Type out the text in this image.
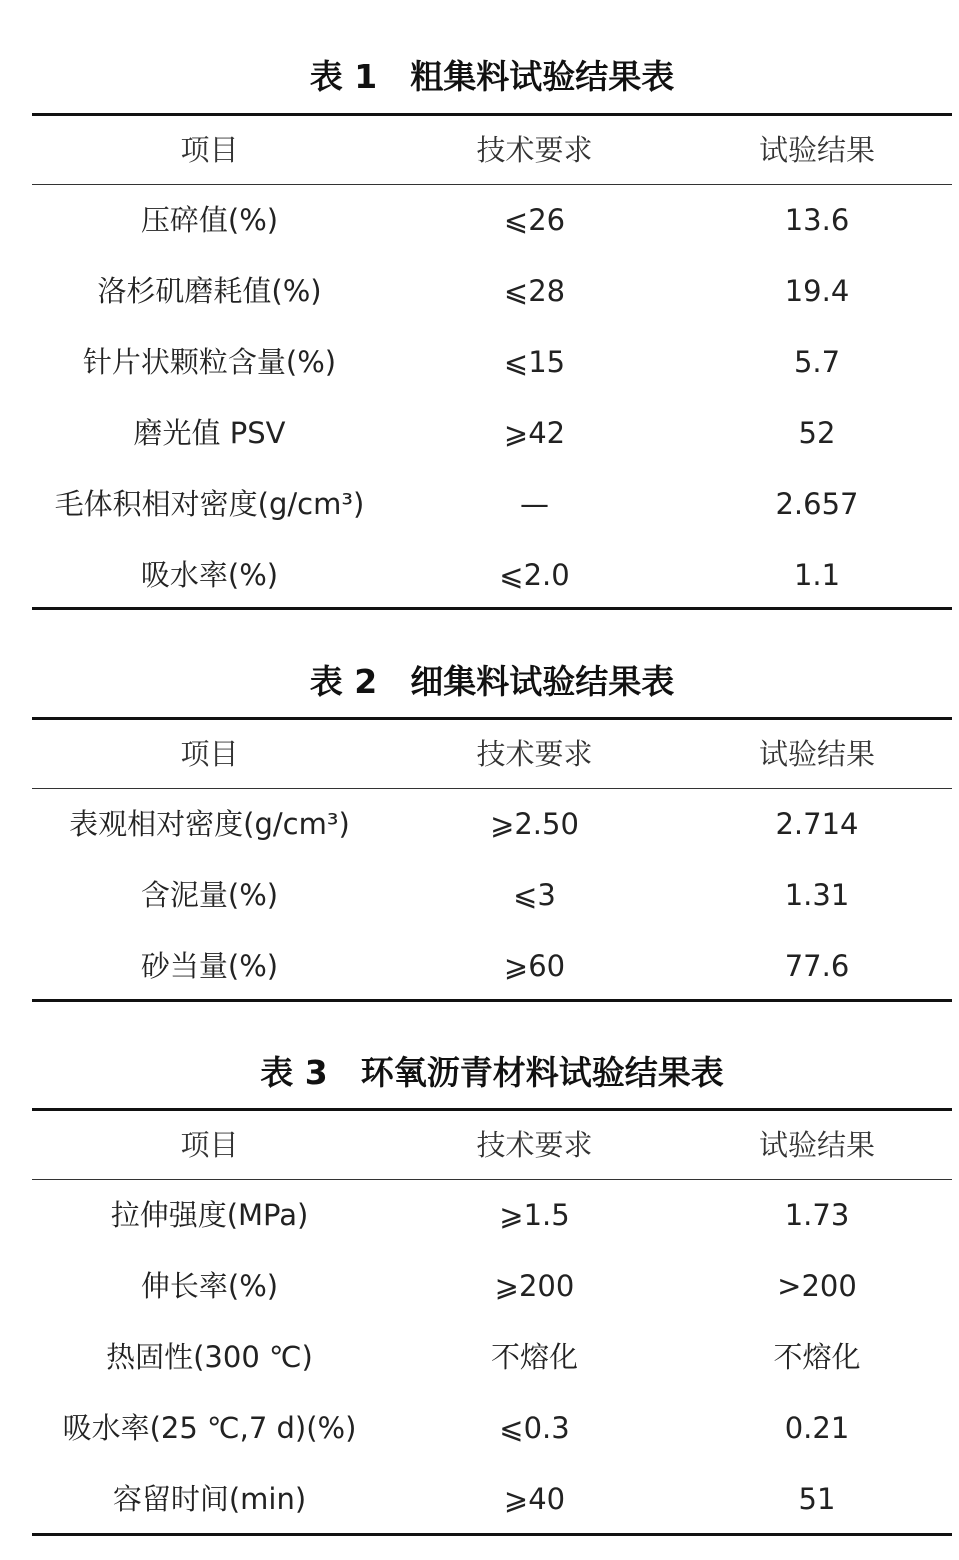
表 1　粗集料试验结果表
项目	技术要求	试验结果
压碎值(%)	⩽26	13.6
洛杉矶磨耗值(%)	⩽28	19.4
针片状颗粒含量(%)	⩽15	5.7
磨光值 PSV	⩾42	52
毛体积相对密度(g/cm³)	—	2.657
吸水率(%)	⩽2.0	1.1
表 2　细集料试验结果表
项目	技术要求	试验结果
表观相对密度(g/cm³)	⩾2.50	2.714
含泥量(%)	⩽3	1.31
砂当量(%)	⩾60	77.6
表 3　环氧沥青材料试验结果表
项目	技术要求	试验结果
拉伸强度(MPa)	⩾1.5	1.73
伸长率(%)	⩾200	>200
热固性(300 ℃)	不熔化	不熔化
吸水率(25 ℃,7 d)(%)	⩽0.3	0.21
容留时间(min)	⩾40	51
